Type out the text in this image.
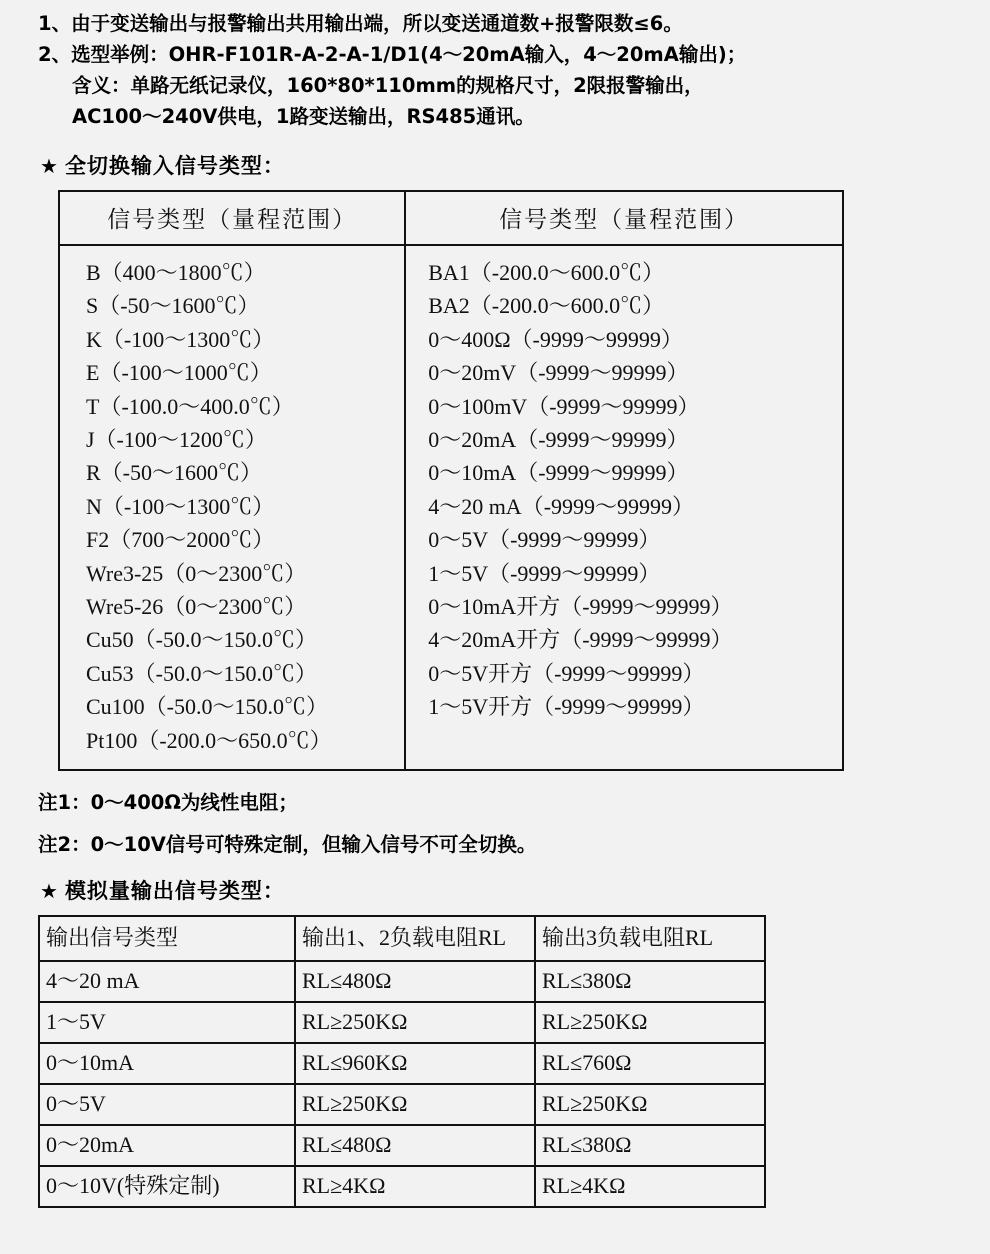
1、由于变送输出与报警输出共用输出端，所以变送通道数+报警限数≤6。
2、选型举例：OHR-F101R-A-2-A-1/D1(4～20mA输入，4～20mA输出)；
含义：单路无纸记录仪，160*80*110mm的规格尺寸，2限报警输出，
AC100～240V供电，1路变送输出，RS485通讯。
★ 全切换输入信号类型：
信号类型（量程范围）	信号类型（量程范围）

B（400～1800℃）
S（-50～1600℃）
K（-100～1300℃）
E（-100～1000℃）
T（-100.0～400.0℃）
J（-100～1200℃）
R（-50～1600℃）
N（-100～1300℃）
F2（700～2000℃）
Wre3-25（0～2300℃）
Wre5-26（0～2300℃）
Cu50（-50.0～150.0℃）
Cu53（-50.0～150.0℃）
Cu100（-50.0～150.0℃）
Pt100（-200.0～650.0℃）

BA1（-200.0～600.0℃）
BA2（-200.0～600.0℃）
0～400Ω（-9999～99999）
0～20mV（-9999～99999）
0～100mV（-9999～99999）
0～20mA（-9999～99999）
0～10mA（-9999～99999）
4～20 mA（-9999～99999）
0～5V（-9999～99999）
1～5V（-9999～99999）
0～10mA开方（-9999～99999）
4～20mA开方（-9999～99999）
0～5V开方（-9999～99999）
1～5V开方（-9999～99999）
注1：0～400Ω为线性电阻；
注2：0～10V信号可特殊定制，但输入信号不可全切换。
★ 模拟量输出信号类型：
输出信号类型	输出1、2负载电阻RL	输出3负载电阻RL
4～20 mA	RL≤480Ω	RL≤380Ω
1～5V	RL≥250KΩ	RL≥250KΩ
0～10mA	RL≤960KΩ	RL≤760Ω
0～5V	RL≥250KΩ	RL≥250KΩ
0～20mA	RL≤480Ω	RL≤380Ω
0～10V(特殊定制)	RL≥4KΩ	RL≥4KΩ
